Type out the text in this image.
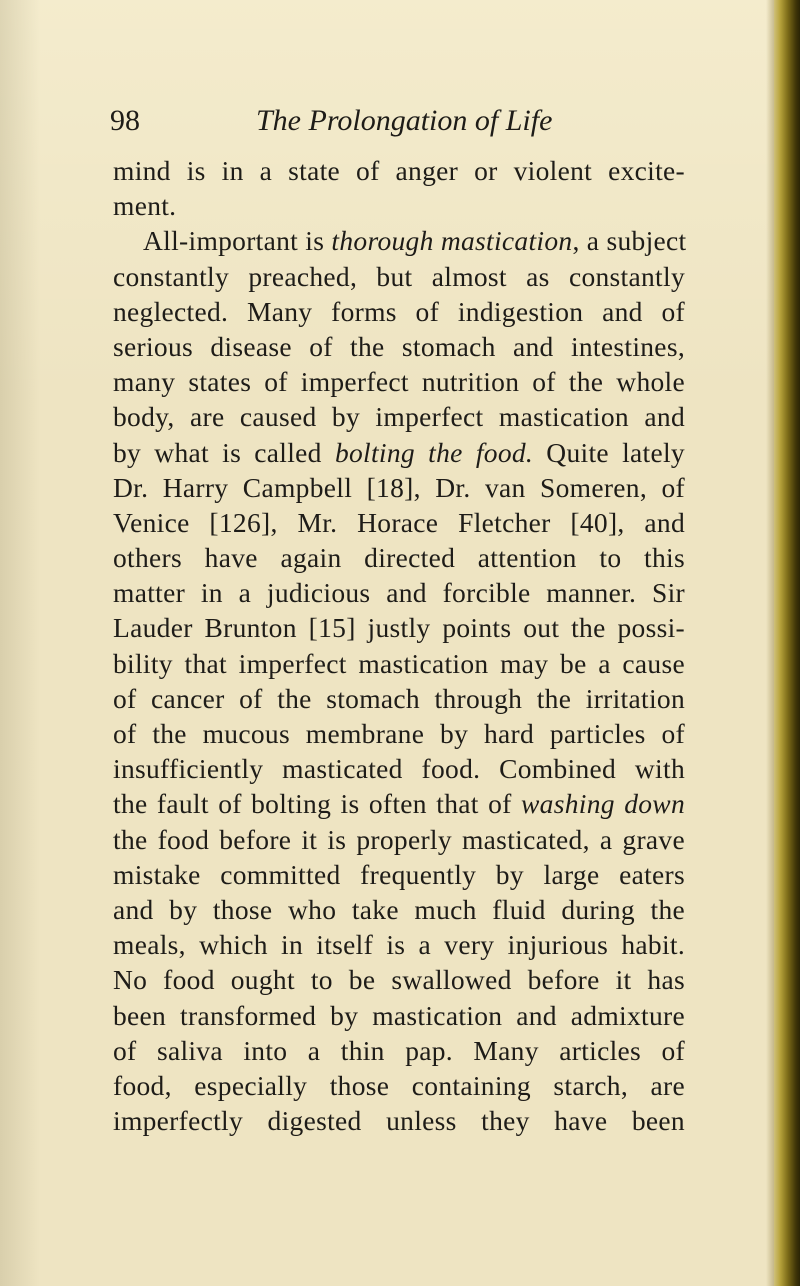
98	The Prolongation of Life
mind is in a state of anger or violent excite-
ment.
All-important is thorough mastication, a subject
constantly preached, but almost as constantly
neglected. Many forms of indigestion and of
serious disease of the stomach and intestines,
many states of imperfect nutrition of the whole
body, are caused by imperfect mastication and
by what is called bolting the food. Quite lately
Dr. Harry Campbell [18], Dr. van Someren, of
Venice [126], Mr. Horace Fletcher [40], and
others have again directed attention to this
matter in a judicious and forcible manner. Sir
Lauder Brunton [15] justly points out the possi-
bility that imperfect mastication may be a cause
of cancer of the stomach through the irritation
of the mucous membrane by hard particles of
insufficiently masticated food. Combined with
the fault of bolting is often that of washing down
the food before it is properly masticated, a grave
mistake committed frequently by large eaters
and by those who take much fluid during the
meals, which in itself is a very injurious habit.
No food ought to be swallowed before it has
been transformed by mastication and admixture
of saliva into a thin pap. Many articles of
food, especially those containing starch, are
imperfectly digested unless they have been
